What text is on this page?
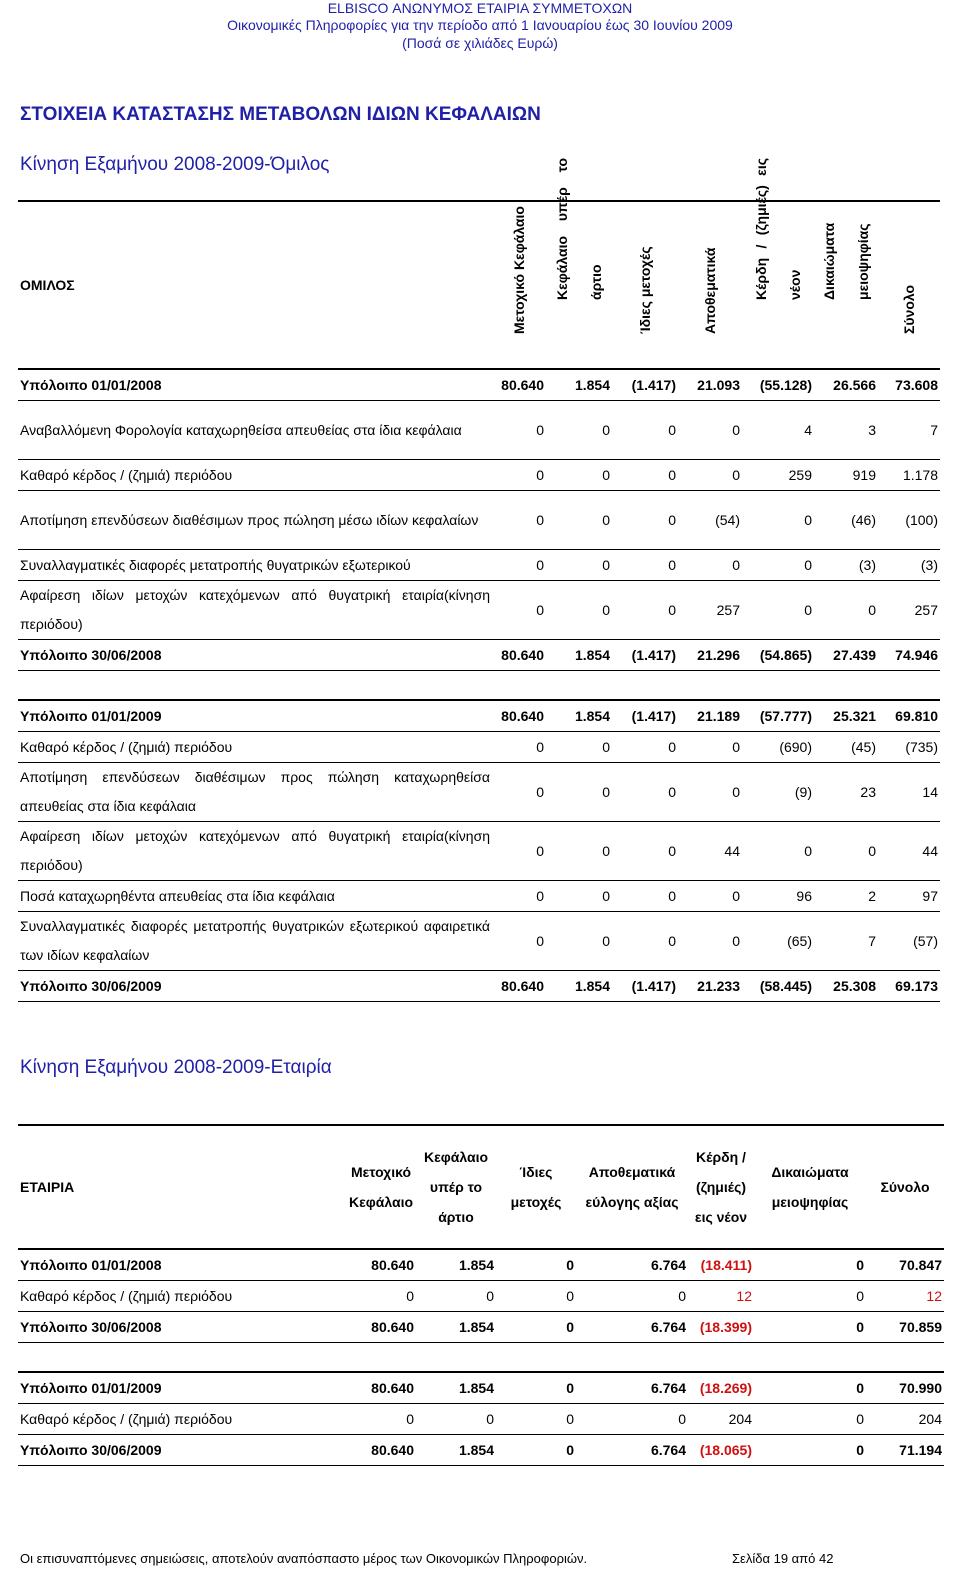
ELBISCO ΑΝΩΝΥΜΟΣ ΕΤΑΙΡΙΑ ΣΥΜΜΕΤΟΧΩΝ
Οικονομικές Πληροφορίες για την περίοδο από 1 Ιανουαρίου έως 30 Ιουνίου 2009
(Ποσά σε χιλιάδες Ευρώ)
ΣΤΟΙΧΕΙΑ ΚΑΤΑΣΤΑΣΗΣ ΜΕΤΑΒΟΛΩΝ ΙΔΙΩΝ ΚΕΦΑΛΑΙΩΝ
Κίνηση Εξαμήνου 2008-2009-Όμιλος
ΟΜΙΛΟΣ	Μετοχικό Κεφάλαιο	Κεφάλαιο υπέρ το άρτιο	Ίδιες μετοχές	Αποθεματικά	Κέρδη / (ζημιές) εις νέον	Δικαιώματα μειοψηφίας	Σύνολο

Υπόλοιπο 01/01/2008	80.640	1.854	(1.417)	21.093	(55.128)	26.566	73.608
Αναβαλλόμενη Φορολογία καταχωρηθείσα απευθείας στα ίδια κεφάλαια	0	0	0	0	4	3	7
Καθαρό κέρδος / (ζημιά) περιόδου	0	0	0	0	259	919	1.178
Αποτίμηση επενδύσεων διαθέσιμων προς πώληση μέσω ιδίων κεφαλαίων	0	0	0	(54)	0	(46)	(100)
Συναλλαγματικές διαφορές μετατροπής θυγατρικών εξωτερικού	0	0	0	0	0	(3)	(3)
Αφαίρεση ιδίων μετοχών κατεχόμενων από θυγατρική εταιρία(κίνηση περιόδου)	0	0	0	257	0	0	257
Υπόλοιπο 30/06/2008	80.640	1.854	(1.417)	21.296	(54.865)	27.439	74.946

Υπόλοιπο 01/01/2009	80.640	1.854	(1.417)	21.189	(57.777)	25.321	69.810
Καθαρό κέρδος / (ζημιά) περιόδου	0	0	0	0	(690)	(45)	(735)
Αποτίμηση επενδύσεων διαθέσιμων προς πώληση καταχωρηθείσα απευθείας στα ίδια κεφάλαια	0	0	0	0	(9)	23	14
Αφαίρεση ιδίων μετοχών κατεχόμενων από θυγατρική εταιρία(κίνηση περιόδου)	0	0	0	44	0	0	44
Ποσά καταχωρηθέντα απευθείας στα ίδια κεφάλαια	0	0	0	0	96	2	97
Συναλλαγματικές διαφορές μετατροπής θυγατρικών εξωτερικού αφαιρετικά των ιδίων κεφαλαίων	0	0	0	0	(65)	7	(57)
Υπόλοιπο 30/06/2009	80.640	1.854	(1.417)	21.233	(58.445)	25.308	69.173
Κίνηση Εξαμήνου 2008-2009-Εταιρία
ΕΤΑΙΡΙΑ	Μετοχικό Κεφάλαιο	Κεφάλαιο υπέρ το άρτιο	Ίδιες μετοχές	Αποθεματικά εύλογης αξίας	Κέρδη / (ζημιές) εις νέον	Δικαιώματα μειοψηφίας	Σύνολο

Υπόλοιπο 01/01/2008	80.640	1.854	0	6.764	(18.411)	0	70.847
Καθαρό κέρδος / (ζημιά) περιόδου	0	0	0	0	12	0	12
Υπόλοιπο 30/06/2008	80.640	1.854	0	6.764	(18.399)	0	70.859

Υπόλοιπο 01/01/2009	80.640	1.854	0	6.764	(18.269)	0	70.990
Καθαρό κέρδος / (ζημιά) περιόδου	0	0	0	0	204	0	204
Υπόλοιπο 30/06/2009	80.640	1.854	0	6.764	(18.065)	0	71.194
Οι επισυναπτόμενες σημειώσεις, αποτελούν αναπόσπαστο μέρος των Οικονομικών Πληροφοριών.	Σελίδα 19 από 42
